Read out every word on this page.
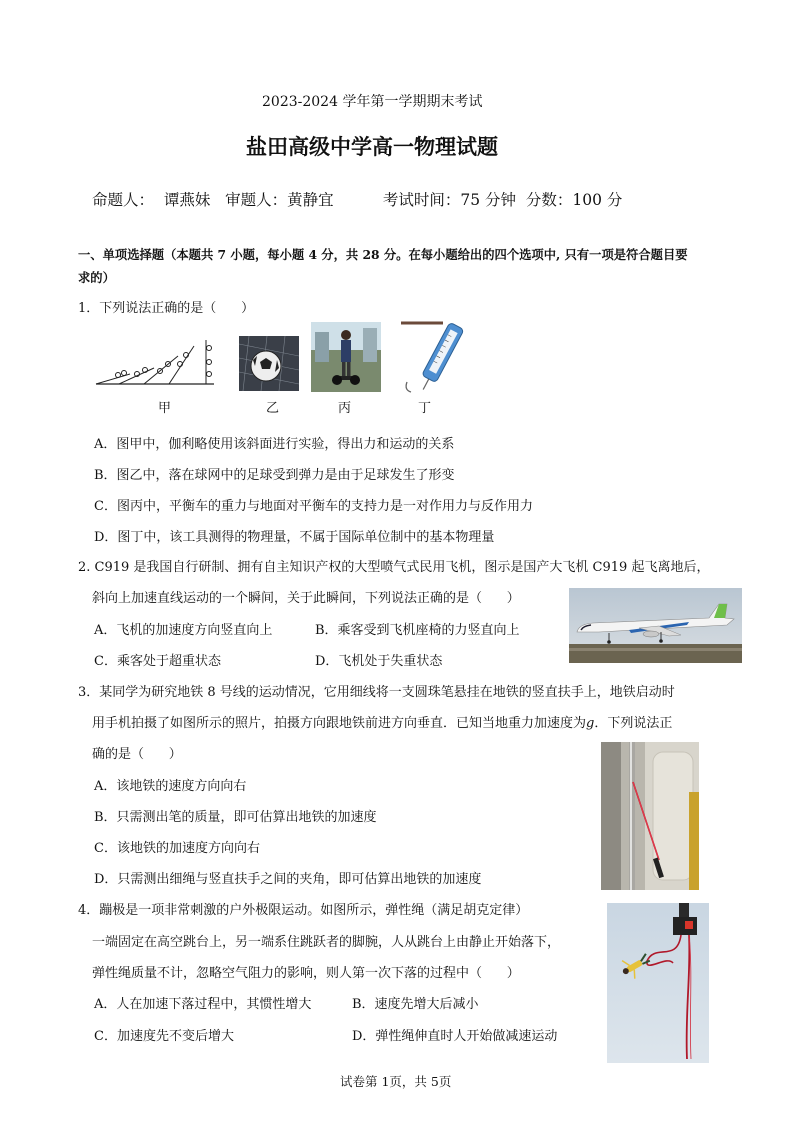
2023-2024 学年第一学期期末考试
盐田高级中学高一物理试题
命题人：  谭燕妹   审题人：黄静宜          考试时间：75 分钟  分数：100 分
一、单项选择题（本题共 7 小题，每小题 4 分，共 28 分。在每小题给出的四个选项中, 只有一项是符合题目要
求的）
1．下列说法正确的是（      ）
甲	乙	丙	丁
A．图甲中，伽利略使用该斜面进行实验，得出力和运动的关系
B．图乙中，落在球网中的足球受到弹力是由于足球发生了形变
C．图丙中，平衡车的重力与地面对平衡车的支持力是一对作用力与反作用力
D．图丁中，该工具测得的物理量，不属于国际单位制中的基本物理量
2. C919 是我国自行研制、拥有自主知识产权的大型喷气式民用飞机，图示是国产大飞机 C919 起飞离地后，
斜向上加速直线运动的一个瞬间，关于此瞬间，下列说法正确的是（      ）
A．飞机的加速度方向竖直向上	B．乘客受到飞机座椅的力竖直向上
C．乘客处于超重状态	D．飞机处于失重状态
3．某同学为研究地铁 8 号线的运动情况，它用细线将一支圆珠笔悬挂在地铁的竖直扶手上，地铁启动时
用手机拍摄了如图所示的照片，拍摄方向跟地铁前进方向垂直．已知当地重力加速度为𝑔．下列说法正
确的是（      ）
A．该地铁的速度方向向右
B．只需测出笔的质量，即可估算出地铁的加速度
C．该地铁的加速度方向向右
D．只需测出细绳与竖直扶手之间的夹角，即可估算出地铁的加速度
4．蹦极是一项非常刺激的户外极限运动。如图所示，弹性绳（满足胡克定律）
一端固定在高空跳台上，另一端系住跳跃者的脚腕，人从跳台上由静止开始落下，
弹性绳质量不计，忽略空气阻力的影响，则人第一次下落的过程中（      ）
A．人在加速下落过程中，其惯性增大	B．速度先增大后减小
C．加速度先不变后增大	D．弹性绳伸直时人开始做减速运动
试卷第 1页，共 5页
